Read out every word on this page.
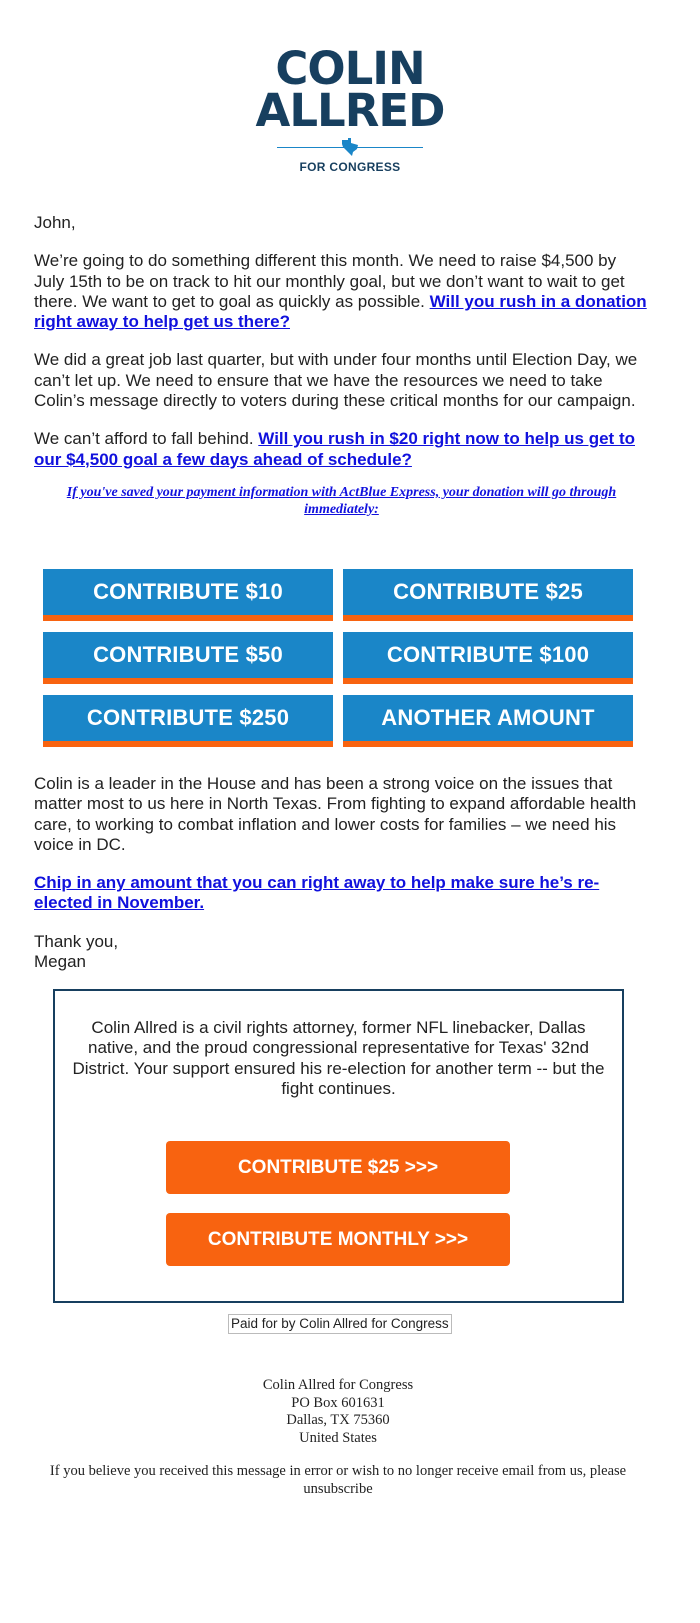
COLIN
ALLRED
FOR CONGRESS

John,

We’re going to do something different this month. We need to raise $4,500 by July 15th to be on track to hit our monthly goal, but we don’t want to wait to get there. We want to get to goal as quickly as possible. Will you rush in a donation right away to help get us there?

We did a great job last quarter, but with under four months until Election Day, we can’t let up. We need to ensure that we have the resources we need to take Colin’s message directly to voters during these critical months for our campaign.

We can’t afford to fall behind. Will you rush in $20 right now to help us get to our $4,500 goal a few days ahead of schedule?

If you've saved your payment information with ActBlue Express, your donation will go through immediately:
CONTRIBUTE $10	CONTRIBUTE $25
CONTRIBUTE $50	CONTRIBUTE $100
CONTRIBUTE $250	ANOTHER AMOUNT

Colin is a leader in the House and has been a strong voice on the issues that matter most to us here in North Texas. From fighting to expand affordable health care, to working to combat inflation and lower costs for families – we need his voice in DC.

Chip in any amount that you can right away to help make sure he’s re-elected in November.

Thank you,
Megan

Colin Allred is a civil rights attorney, former NFL linebacker, Dallas native, and the proud congressional representative for Texas' 32nd District. Your support ensured his re-election for another term -- but the fight continues.
CONTRIBUTE $25 >>>
CONTRIBUTE MONTHLY >>>
Paid for by Colin Allred for Congress
Colin Allred for Congress
PO Box 601631
Dallas, TX 75360
United States
If you believe you received this message in error or wish to no longer receive email from us, please unsubscribe
